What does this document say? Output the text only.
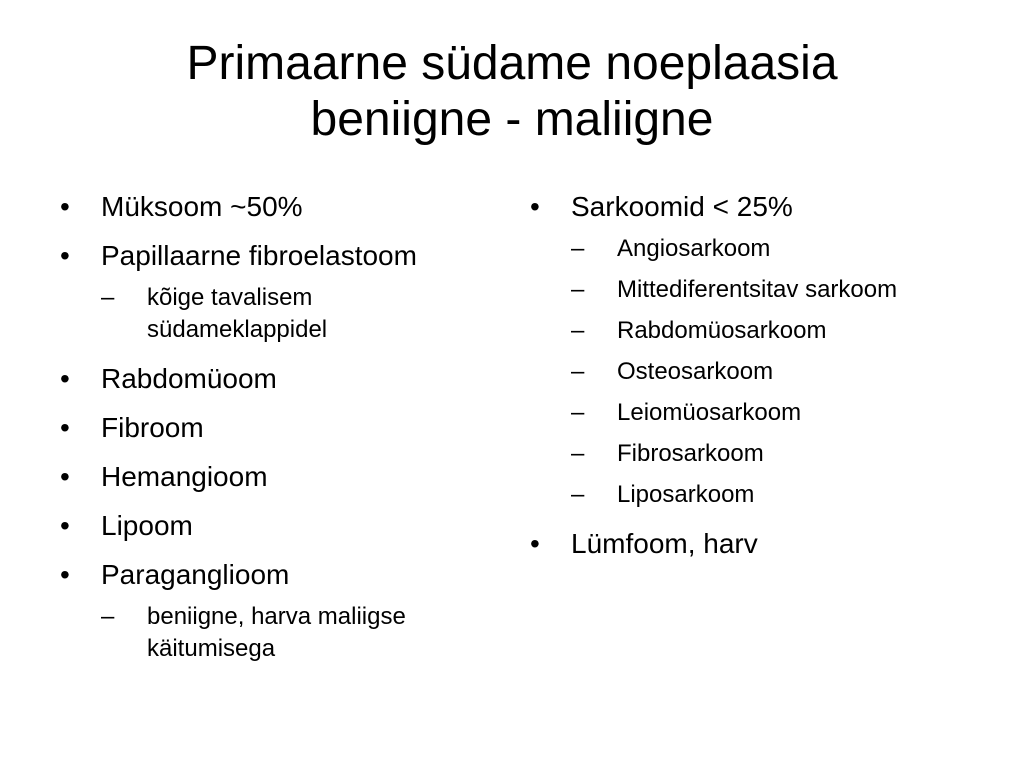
Primaarne südame noeplaasia
beniigne - maliigne
• Müksoom ~50%
• Papillaarne fibroelastoom
–	kõige tavalisem südameklappidel
• Rabdomüoom
• Fibroom
• Hemangioom
• Lipoom
• Paraganglioom
–	beniigne, harva maliigse käitumisega
• Sarkoomid < 25%
–	Angiosarkoom
–	Mittediferentsitav sarkoom
–	Rabdomüosarkoom
–	Osteosarkoom
–	Leiomüosarkoom
–	Fibrosarkoom
–	Liposarkoom
• Lümfoom, harv
